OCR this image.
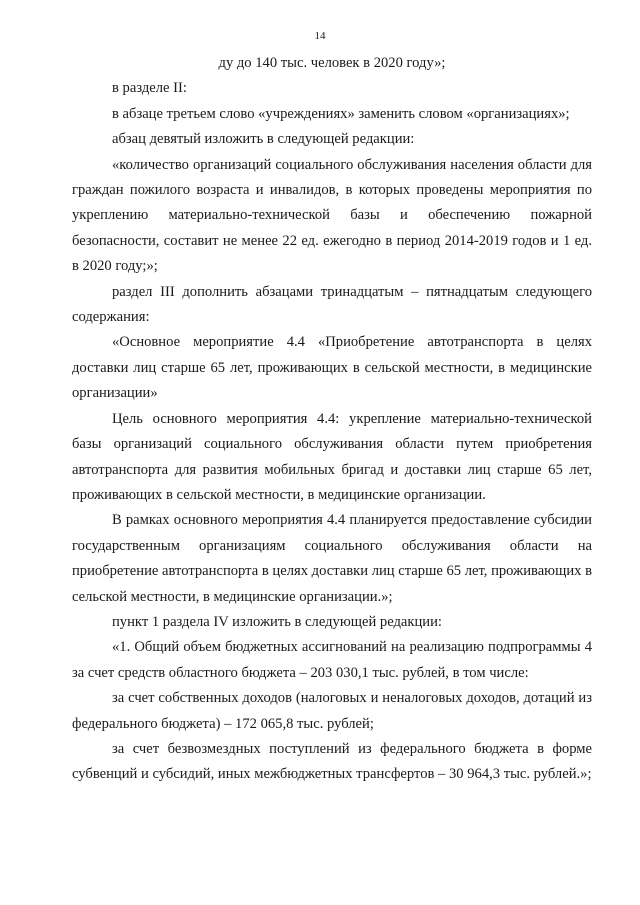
14

ду до 140 тыс. человек в 2020 году»;

в разделе II:

в абзаце третьем слово «учреждениях» заменить словом «организациях»;

абзац девятый изложить в следующей редакции:

«количество организаций социального обслуживания населения области для граждан пожилого возраста и инвалидов, в которых проведены мероприятия по укреплению материально-технической базы и обеспечению пожарной безопасности, составит не менее 22 ед. ежегодно в период 2014-2019 годов и 1 ед. в 2020 году;»;

раздел III дополнить абзацами тринадцатым – пятнадцатым следующего содержания:

«Основное мероприятие 4.4 «Приобретение автотранспорта в целях доставки лиц старше 65 лет, проживающих в сельской местности, в медицинские организации»

Цель основного мероприятия 4.4: укрепление материально-технической базы организаций социального обслуживания области путем приобретения автотранспорта для развития мобильных бригад и доставки лиц старше 65 лет, проживающих в сельской местности, в медицинские организации.

В рамках основного мероприятия 4.4 планируется предоставление субсидии государственным организациям социального обслуживания области на приобретение автотранспорта в целях доставки лиц старше 65 лет, проживающих в сельской местности, в медицинские организации.»;

пункт 1 раздела IV изложить в следующей редакции:

«1. Общий объем бюджетных ассигнований на реализацию подпрограммы 4 за счет средств областного бюджета – 203 030,1 тыс. рублей, в том числе:

за счет собственных доходов (налоговых и неналоговых доходов, дотаций из федерального бюджета) – 172 065,8 тыс. рублей;

за счет безвозмездных поступлений из федерального бюджета в форме субвенций и субсидий, иных межбюджетных трансфертов – 30 964,3 тыс. рублей.»;
